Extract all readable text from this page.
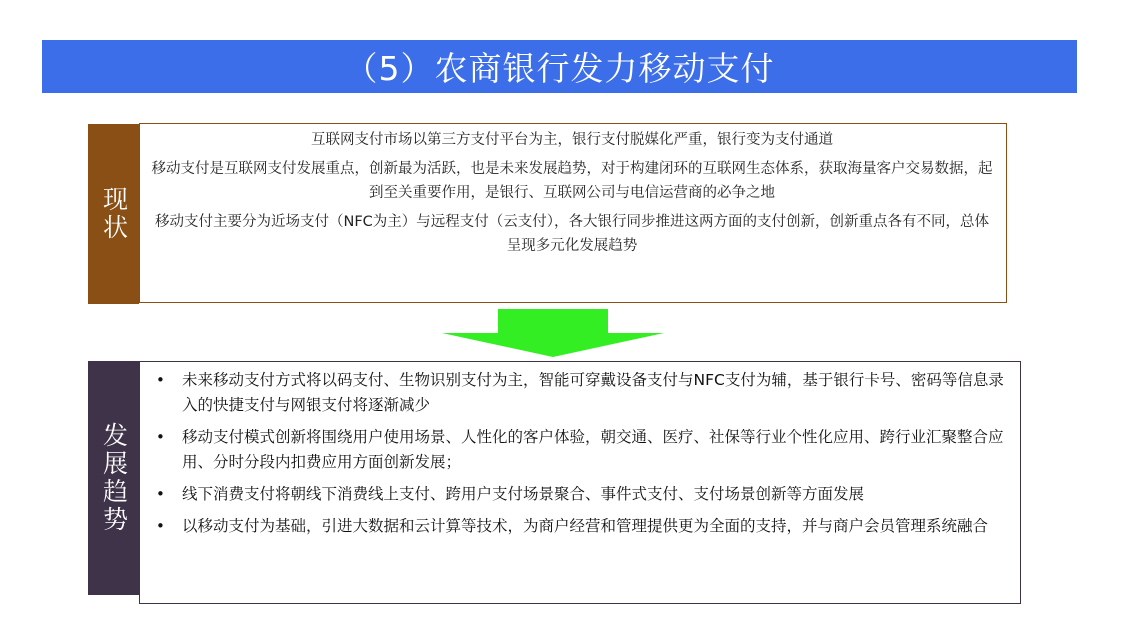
（5）农商银行发力移动支付
现状

互联网支付市场以第三方支付平台为主，银行支付脱媒化严重，银行变为支付通道

移动支付是互联网支付发展重点，创新最为活跃，也是未来发展趋势，对于构建闭环的互联网生态体系，获取海量客户交易数据，起到至关重要作用，是银行、互联网公司与电信运营商的必争之地

移动支付主要分为近场支付（NFC为主）与远程支付（云支付），各大银行同步推进这两方面的支付创新，创新重点各有不同，总体呈现多元化发展趋势

发展趋势
• 未来移动支付方式将以码支付、生物识别支付为主，智能可穿戴设备支付与NFC支付为辅，基于银行卡号、密码等信息录入的快捷支付与网银支付将逐渐减少
• 移动支付模式创新将围绕用户使用场景、人性化的客户体验，朝交通、医疗、社保等行业个性化应用、跨行业汇聚整合应用、分时分段内扣费应用方面创新发展；
• 线下消费支付将朝线下消费线上支付、跨用户支付场景聚合、事件式支付、支付场景创新等方面发展
• 以移动支付为基础，引进大数据和云计算等技术，为商户经营和管理提供更为全面的支持，并与商户会员管理系统融合
